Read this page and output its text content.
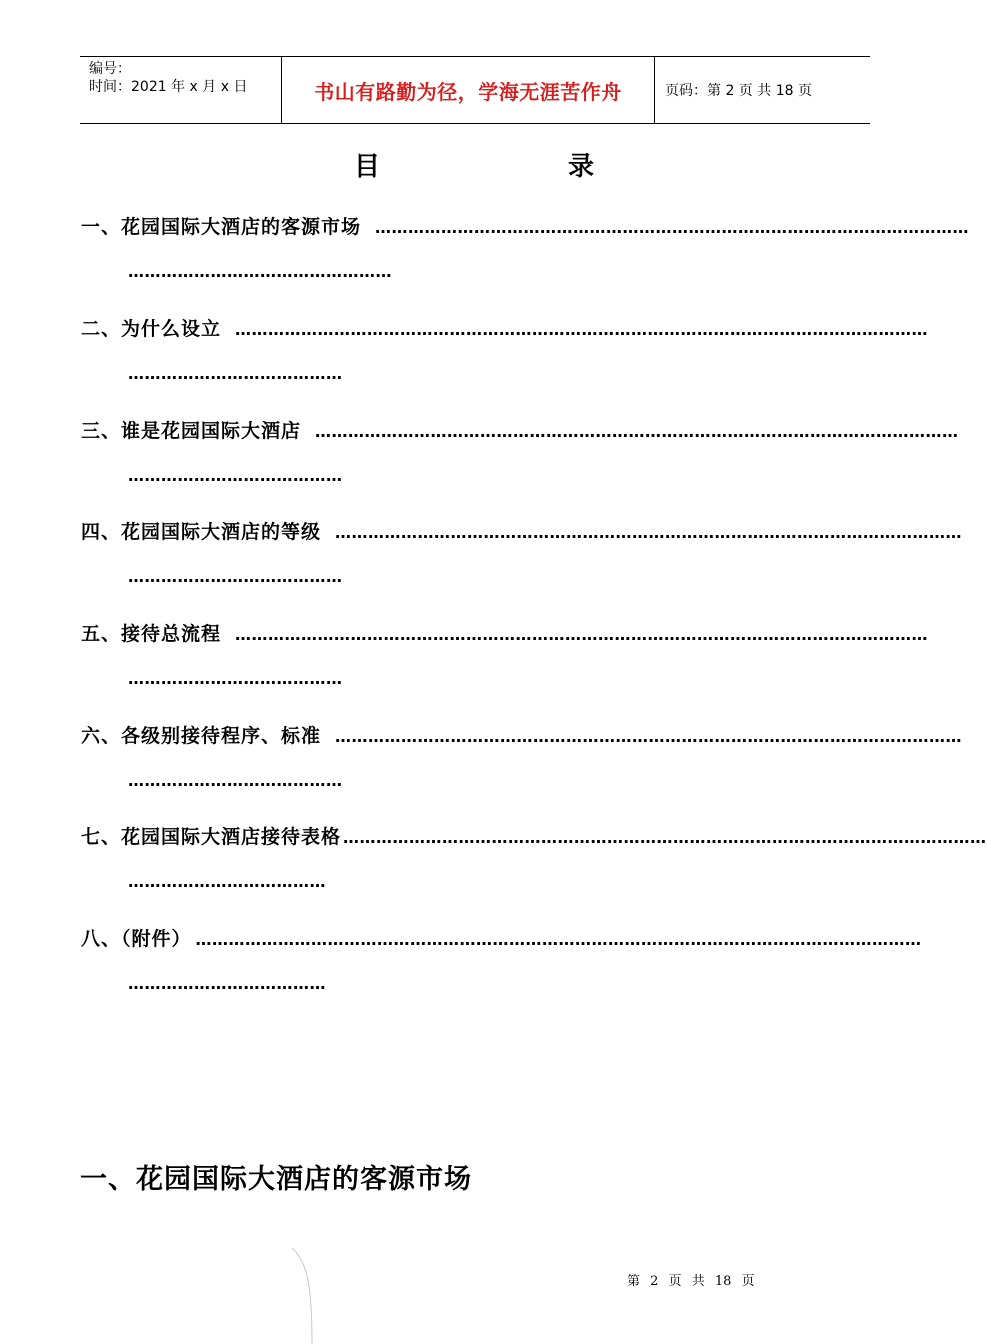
编号：
时间：2021 年 x 月 x 日	书山有路勤为径，学海无涯苦作舟	页码：第 2 页 共 18 页
目	录
一、花园国际大酒店的客源市场 ………………………………………………………………………………………………
…………………………………………
二、为什么设立 ………………………………………………………………………………………………………………
…………………………………
三、谁是花园国际大酒店 ………………………………………………………………………………………………………
…………………………………
四、花园国际大酒店的等级 ……………………………………………………………………………………………………
…………………………………
五、接待总流程 ………………………………………………………………………………………………………………
…………………………………
六、各级别接待程序、标准 ……………………………………………………………………………………………………
…………………………………
七、花园国际大酒店接待表格 ………………………………………………………………………………………………………
………………………………
八、（附件） ……………………………………………………………………………………………………………………
………………………………
一、花园国际大酒店的客源市场
第 2 页 共 18 页
